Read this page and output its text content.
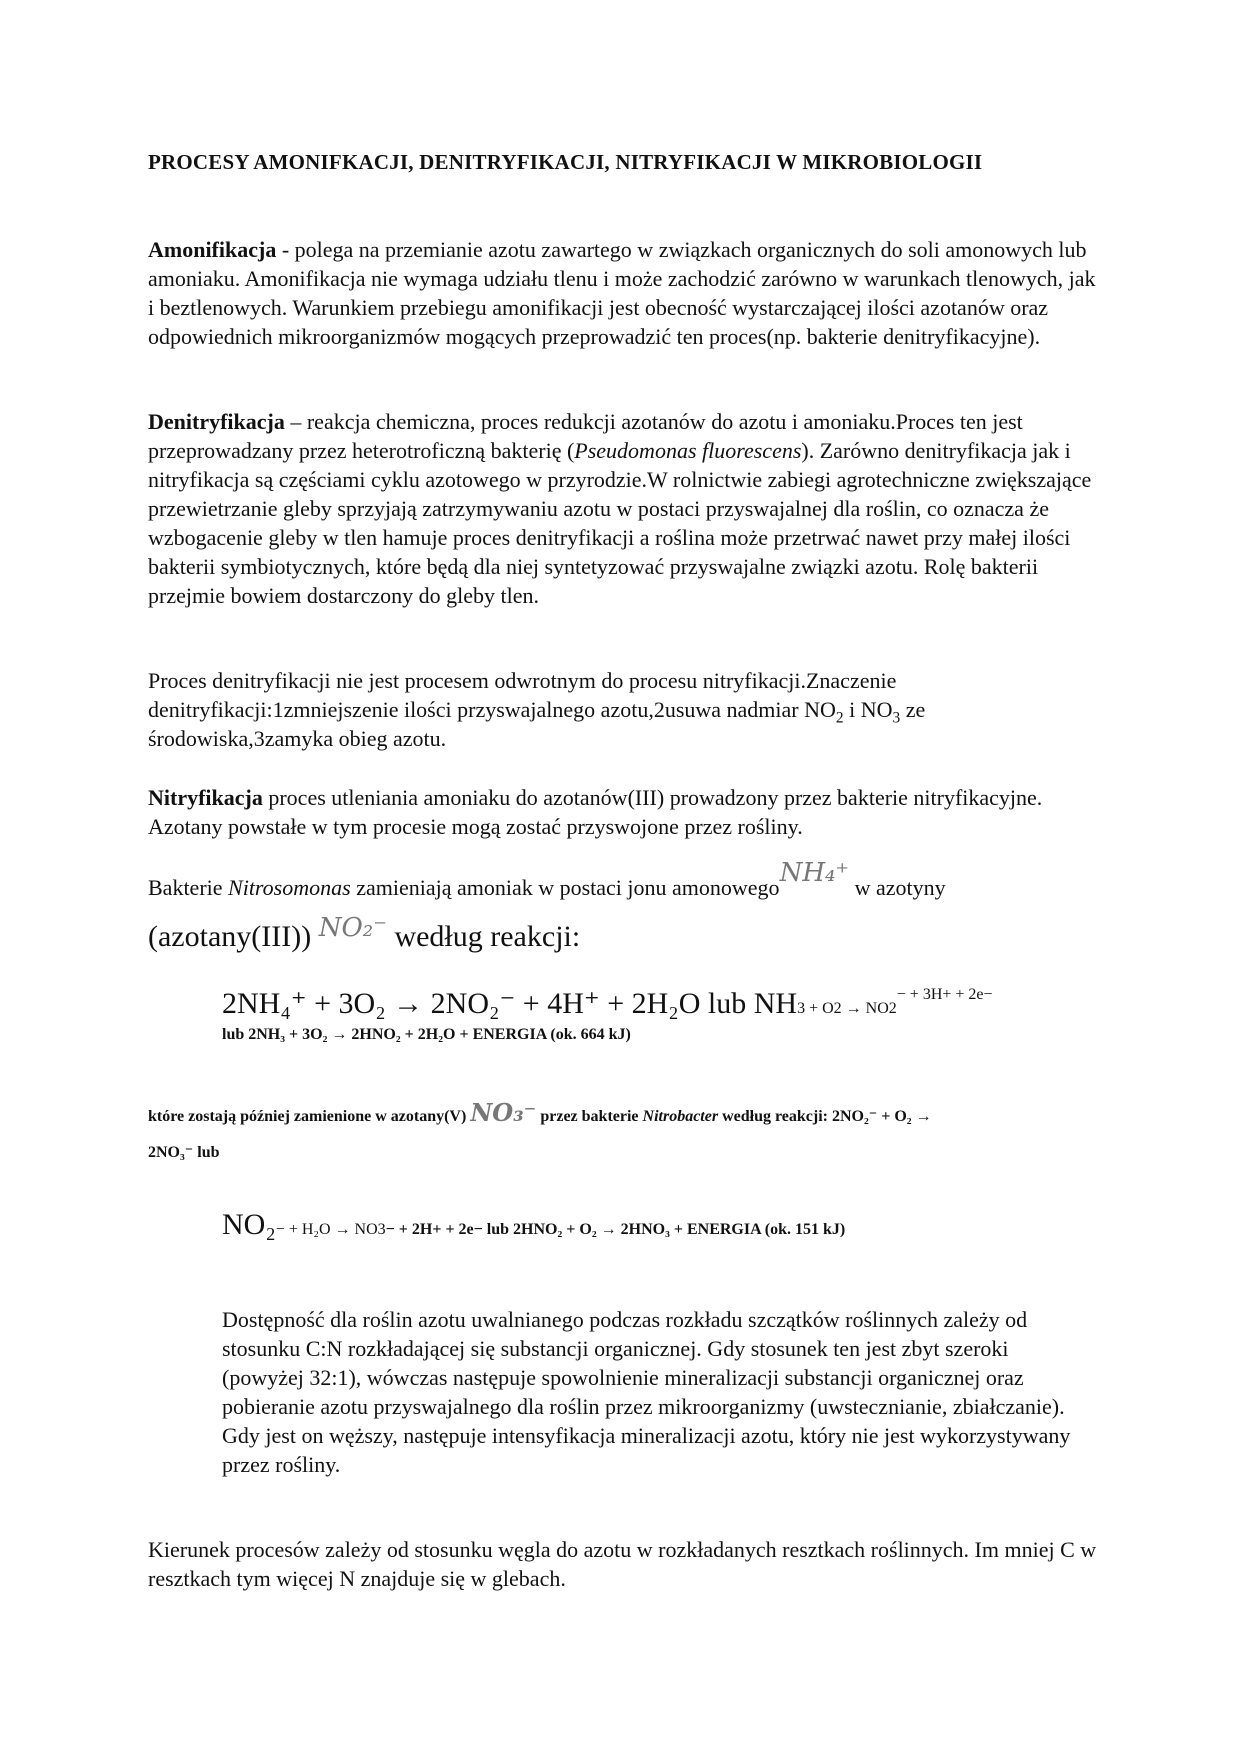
PROCESY AMONIFKACJI, DENITRYFIKACJI, NITRYFIKACJI W MIKROBIOLOGII
Amonifikacja - polega na przemianie azotu zawartego w związkach organicznych do soli amonowych lub amoniaku. Amonifikacja nie wymaga udziału tlenu i może zachodzić zarówno w warunkach tlenowych, jak i beztlenowych. Warunkiem przebiegu amonifikacji jest obecność wystarczającej ilości azotanów oraz odpowiednich mikroorganizmów mogących przeprowadzić ten proces(np. bakterie denitryfikacyjne).
Denitryfikacja – reakcja chemiczna, proces redukcji azotanów do azotu i amoniaku.Proces ten jest przeprowadzany przez heterotroficzną bakterię (Pseudomonas fluorescens). Zarówno denitryfikacja jak i nitryfikacja są częściami cyklu azotowego w przyrodzie.W rolnictwie zabiegi agrotechniczne zwiększające przewietrzanie gleby sprzyjają zatrzymywaniu azotu w postaci przyswajalnej dla roślin, co oznacza że wzbogacenie gleby w tlen hamuje proces denitryfikacji a roślina może przetrwać nawet przy małej ilości bakterii symbiotycznych, które będą dla niej syntetyzować przyswajalne związki azotu. Rolę bakterii przejmie bowiem dostarczony do gleby tlen.
Proces denitryfikacji nie jest procesem odwrotnym do procesu nitryfikacji.Znaczenie denitryfikacji:1zmniejszenie ilości przyswajalnego azotu,2usuwa nadmiar $NO_2$ i $NO_3$ ze środowiska,3zamyka obieg azotu.
Nitryfikacja proces utleniania amoniaku do azotanów(III) prowadzony przez bakterie nitryfikacyjne. Azotany powstałe w tym procesie mogą zostać przyswojone przez rośliny.
Bakterie Nitrosomonas zamieniają amoniak w postaci jonu amonowegoNH₄⁺ w azotyny
(azotany(III)) NO₂⁻ według reakcji:
2NH₄⁺ + 3O₂ → 2NO₂⁻ + 4H⁺ + 2H₂O lub $NH3 + O2 \to NO2^{- + 3H+ + 2e-}$
lub 2NH₃ + 3O₂ → 2HNO₂ + 2H₂O + ENERGIA (ok. 664 kJ)
które zostają później zamienione w azotany(V) NO₃⁻ przez bakterie Nitrobacter według reakcji: 2NO₂⁻ + O₂ →
2NO₃⁻ lub
NO₂− + H₂O → NO3− + 2H+ + 2e− lub 2HNO₂ + O₂ → 2HNO₃ + ENERGIA (ok. 151 kJ)
Dostępność dla roślin azotu uwalnianego podczas rozkładu szczątków roślinnych zależy od stosunku C:N rozkładającej się substancji organicznej. Gdy stosunek ten jest zbyt szeroki (powyżej 32:1), wówczas następuje spowolnienie mineralizacji substancji organicznej oraz pobieranie azotu przyswajalnego dla roślin przez mikroorganizmy (uwstecznianie, zbiałczanie). Gdy jest on węższy, następuje intensyfikacja mineralizacji azotu, który nie jest wykorzystywany przez rośliny.
Kierunek procesów zależy od stosunku węgla do azotu w rozkładanych resztkach roślinnych. Im mniej C w resztkach tym więcej N znajduje się w glebach.
